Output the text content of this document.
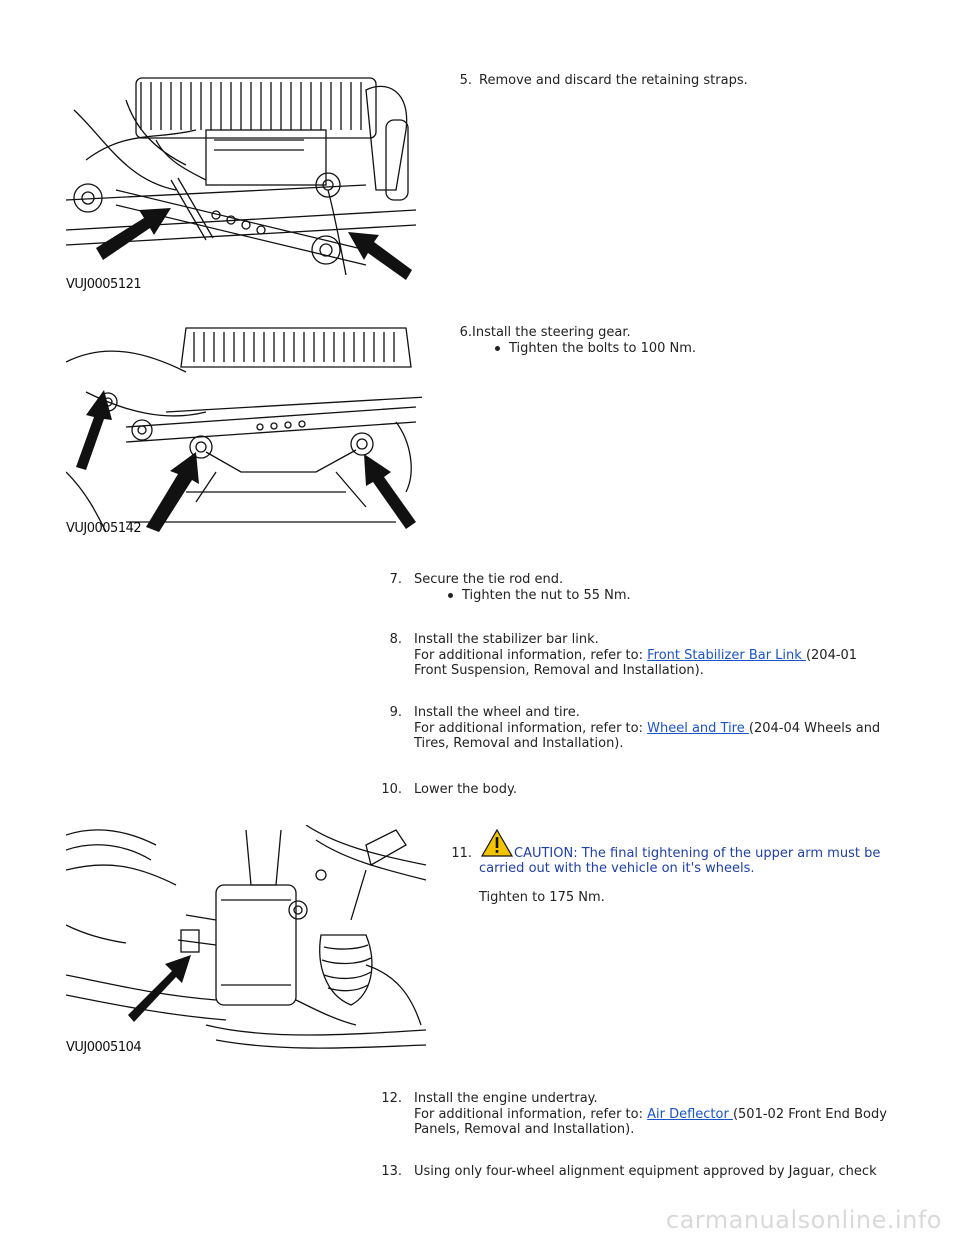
VUJ0005121
5. Remove and discard the retaining straps.
VUJ0005142
6. Install the steering gear.
Tighten the bolts to 100 Nm.
7. Secure the tie rod end.
Tighten the nut to 55 Nm.
8. Install the stabilizer bar link.
For additional information, refer to: Front Stabilizer Bar Link (204-01
Front Suspension, Removal and Installation).
9. Install the wheel and tire.
For additional information, refer to: Wheel and Tire (204-04 Wheels and
Tires, Removal and Installation).
10. Lower the body.
VUJ0005104
11.	CAUTION: The final tightening of the upper arm must be
carried out with the vehicle on it's wheels.
Tighten to 175 Nm.
12. Install the engine undertray.
For additional information, refer to: Air Deflector (501-02 Front End Body
Panels, Removal and Installation).
13. Using only four-wheel alignment equipment approved by Jaguar, check
carmanualsonline.info
